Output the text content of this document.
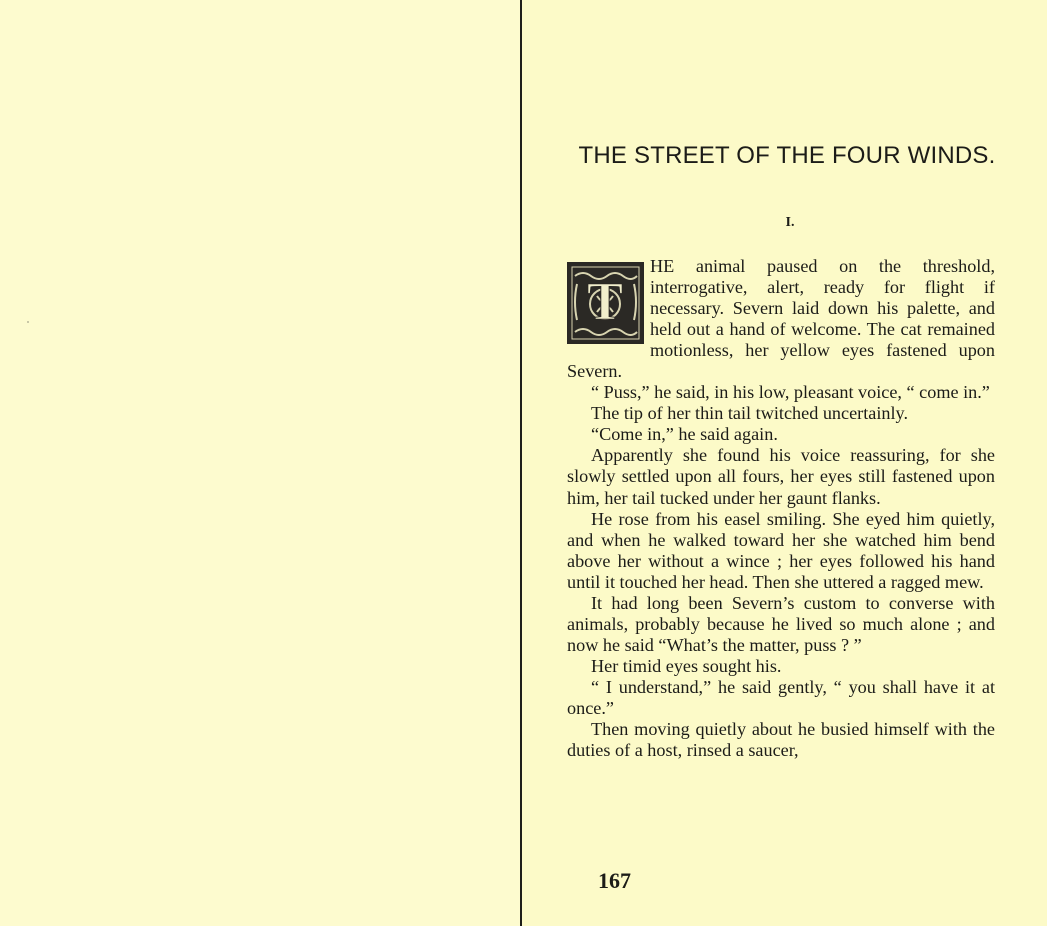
THE STREET OF THE FOUR WINDS.
I.
T

HE animal paused on the threshold, interrogative, alert, ready for flight if necessary. Severn laid down his palette, and held out a hand of welcome. The cat remained motionless, her yellow eyes fastened upon Severn.

“ Puss,” he said, in his low, pleasant voice, “ come in.”

The tip of her thin tail twitched uncertainly.

“Come in,” he said again.

Apparently she found his voice reassuring, for she slowly settled upon all fours, her eyes still fastened upon him, her tail tucked under her gaunt flanks.

He rose from his easel smiling. She eyed him quietly, and when he walked toward her she watched him bend above her without a wince ; her eyes followed his hand until it touched her head. Then she uttered a ragged mew.

It had long been Severn’s custom to converse with animals, probably because he lived so much alone ; and now he said “What’s the matter, puss ? ”

Her timid eyes sought his.

“ I understand,” he said gently, “ you shall have it at once.”

Then moving quietly about he busied himself with the duties of a host, rinsed a saucer,

167
